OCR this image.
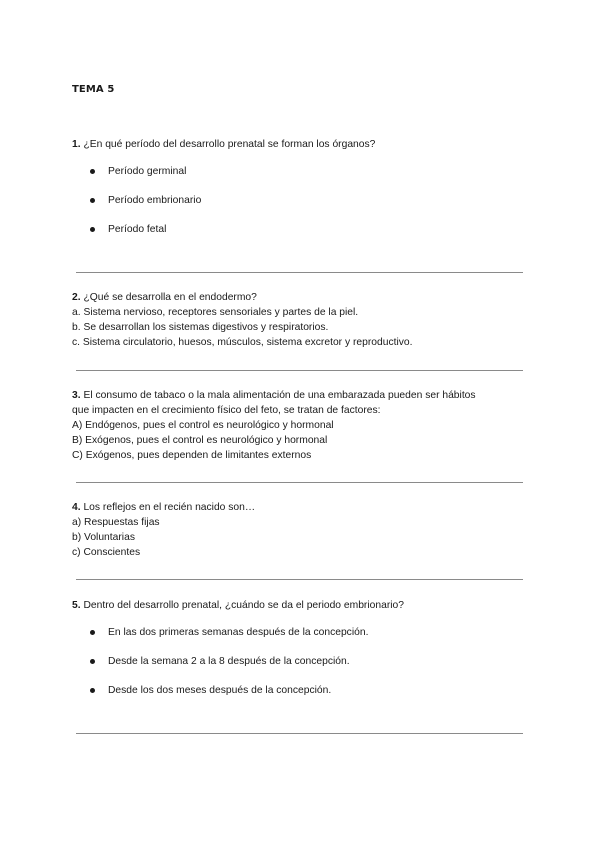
TEMA 5
1. ¿En qué período del desarrollo prenatal se forman los órganos?
Período germinal
Período embrionario
Período fetal
2. ¿Qué se desarrolla en el endodermo?
a. Sistema nervioso, receptores sensoriales y partes de la piel.
b. Se desarrollan los sistemas digestivos y respiratorios.
c. Sistema circulatorio, huesos, músculos, sistema excretor y reproductivo.
3. El consumo de tabaco o la mala alimentación de una embarazada pueden ser hábitos
que impacten en el crecimiento físico del feto, se tratan de factores:
A) Endógenos, pues el control es neurológico y hormonal
B) Exógenos, pues el control es neurológico y hormonal
C) Exógenos, pues dependen de limitantes externos
4. Los reflejos en el recién nacido son…
a) Respuestas fijas
b) Voluntarias
c) Conscientes
5. Dentro del desarrollo prenatal, ¿cuándo se da el periodo embrionario?
En las dos primeras semanas después de la concepción.
Desde la semana 2 a la 8 después de la concepción.
Desde los dos meses después de la concepción.
